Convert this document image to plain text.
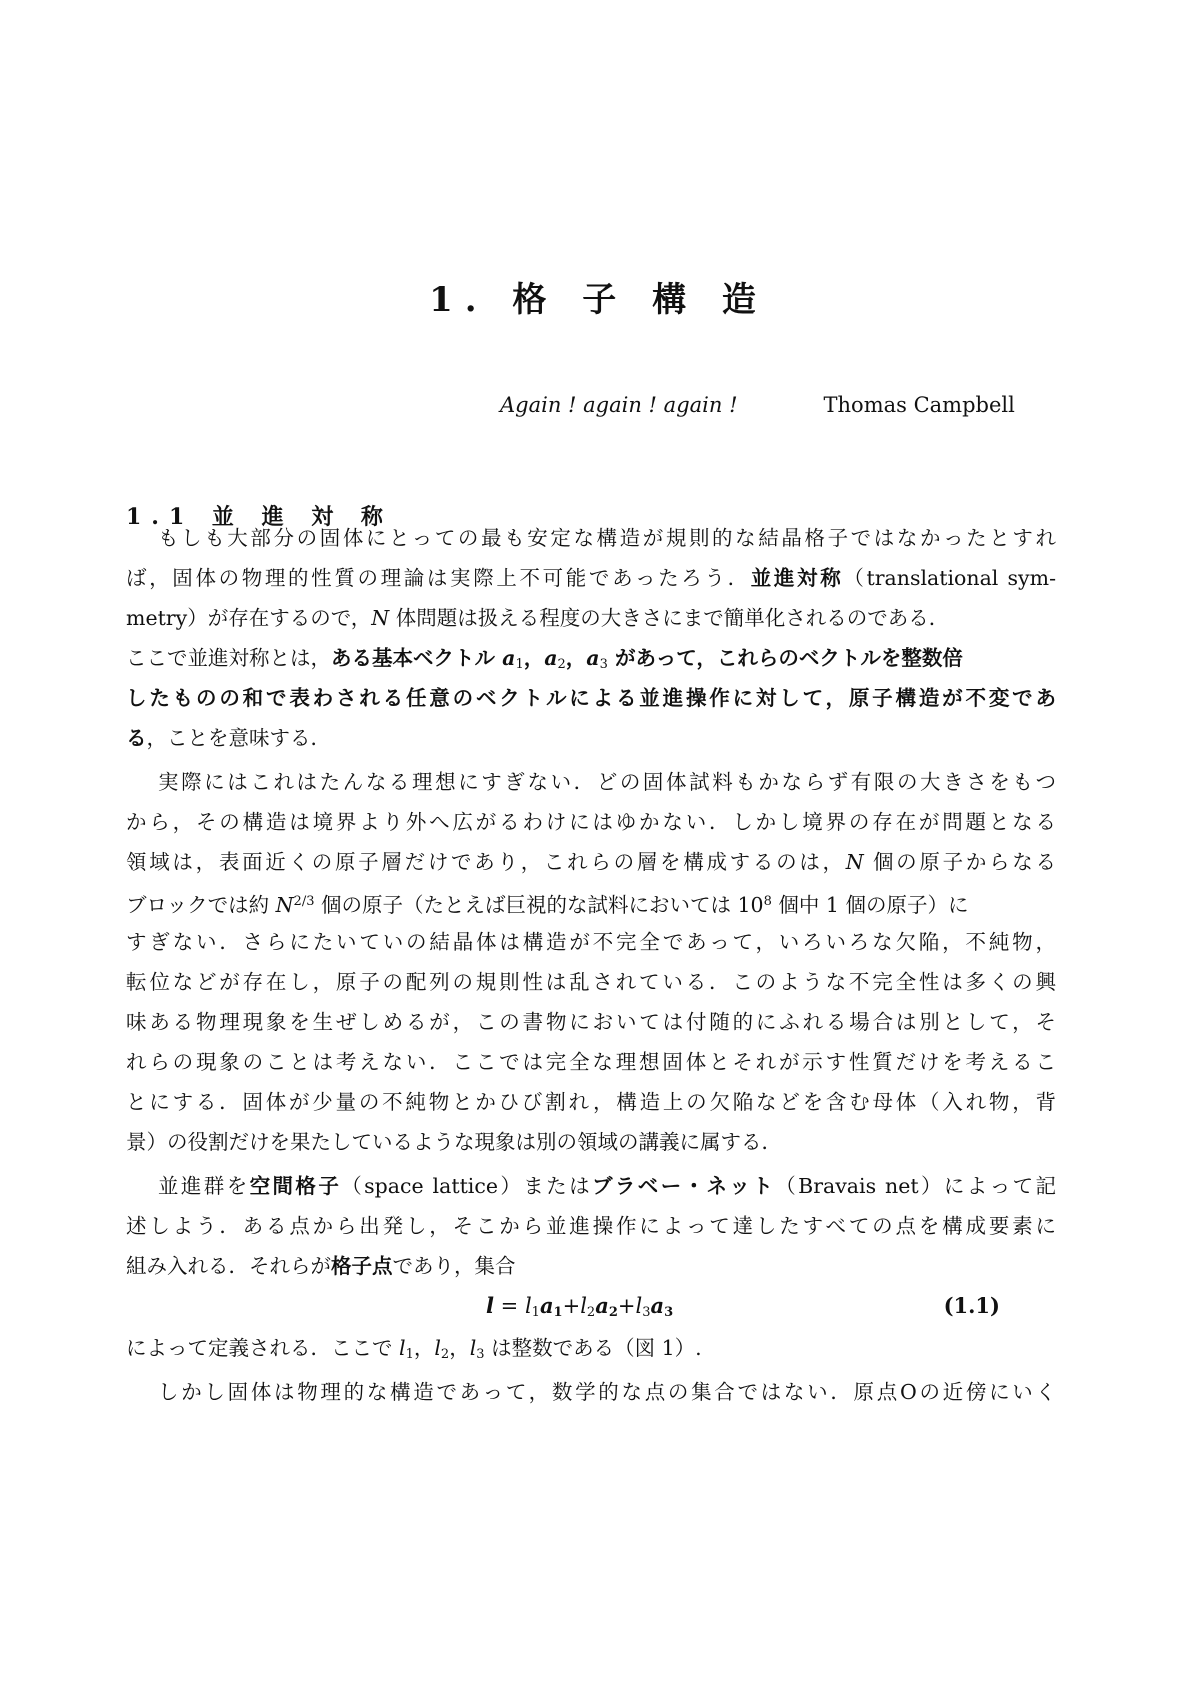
1. 格 子 構 造
Again ! again ! again !	Thomas Campbell
1.1 並 進 対 称
もしも大部分の固体にとっての最も安定な構造が規則的な結晶格子ではなかったとすれ
ば，固体の物理的性質の理論は実際上不可能であったろう．並進対称（translational sym-
metry）が存在するので，N 体問題は扱える程度の大きさにまで簡単化されるのである．
ここで並進対称とは，ある基本ベクトル $a_1$，$a_2$，$a_3$ があって，これらのベクトルを整数倍
したものの和で表わされる任意のベクトルによる並進操作に対して，原子構造が不変であ
る，ことを意味する．
実際にはこれはたんなる理想にすぎない．どの固体試料もかならず有限の大きさをもつ
から，その構造は境界より外へ広がるわけにはゆかない．しかし境界の存在が問題となる
領域は，表面近くの原子層だけであり，これらの層を構成するのは，N 個の原子からなる
ブロックでは約 $N^{2/3}$ 個の原子（たとえば巨視的な試料においては $10^8$ 個中 1 個の原子）に
すぎない．さらにたいていの結晶体は構造が不完全であって，いろいろな欠陥，不純物，
転位などが存在し，原子の配列の規則性は乱されている．このような不完全性は多くの興
味ある物理現象を生ぜしめるが，この書物においては付随的にふれる場合は別として，そ
れらの現象のことは考えない．ここでは完全な理想固体とそれが示す性質だけを考えるこ
とにする．固体が少量の不純物とかひび割れ，構造上の欠陥などを含む母体（入れ物，背
景）の役割だけを果たしているような現象は別の領域の講義に属する．
並進群を空間格子（space lattice）またはブラベー・ネット（Bravais net）によって記
述しよう．ある点から出発し，そこから並進操作によって達したすべての点を構成要素に
組み入れる．それらが格子点であり，集合
$l = l_1a_1+l_2a_2+l_3a_3$	(1.1)
によって定義される．ここで $l_1$，$l_2$，$l_3$ は整数である（図 1）.
しかし固体は物理的な構造であって，数学的な点の集合ではない．原点Oの近傍にいく
